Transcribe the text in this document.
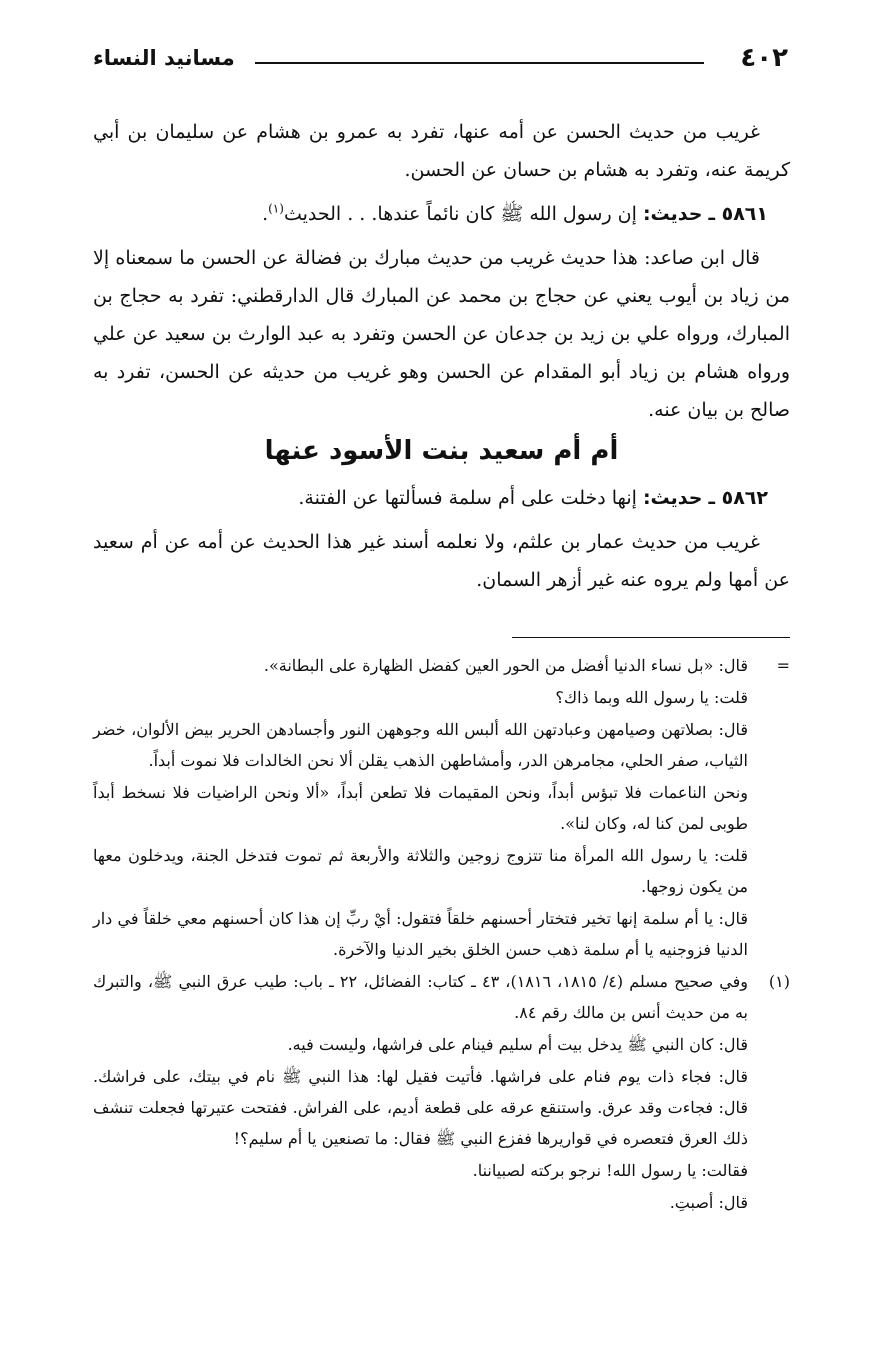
٤٠٢
مسانيد النساء

غريب من حديث الحسن عن أمه عنها، تفرد به عمرو بن هشام عن سليمان بن أبي كريمة عنه، وتفرد به هشام بن حسان عن الحسن.

٥٨٦١ ـ حديث: إن رسول الله ﷺ كان نائماً عندها. . . الحديث$^{(١)}$.

قال ابن صاعد: هذا حديث غريب من حديث مبارك بن فضالة عن الحسن ما سمعناه إلا من زياد بن أيوب يعني عن حجاج بن محمد عن المبارك قال الدارقطني: تفرد به حجاج بن المبارك، ورواه علي بن زيد بن جدعان عن الحسن وتفرد به عبد الوارث بن سعيد عن علي ورواه هشام بن زياد أبو المقدام عن الحسن وهو غريب من حديثه عن الحسن، تفرد به صالح بن بيان عنه.

أم أم سعيد بنت الأسود عنها

٥٨٦٢ ـ حديث: إنها دخلت على أم سلمة فسألتها عن الفتنة.

غريب من حديث عمار بن علثم، ولا نعلمه أسند غير هذا الحديث عن أمه عن أم سعيد عن أمها ولم يروه عنه غير أزهر السمان.

=

قال: «بل نساء الدنيا أفضل من الحور العين كفضل الظهارة على البطانة».

قلت: يا رسول الله وبما ذاك؟

قال: بصلاتهن وصيامهن وعبادتهن الله ألبس الله وجوههن النور وأجسادهن الحرير بيض الألوان، خضر الثياب، صفر الحلي، مجامرهن الدر، وأمشاطهن الذهب يقلن ألا نحن الخالدات فلا نموت أبداً.

ونحن الناعمات فلا تبؤس أبداً، ونحن المقيمات فلا تطعن أبداً، «ألا ونحن الراضيات فلا نسخط أبداً طوبى لمن كنا له، وكان لنا».

قلت: يا رسول الله المرأة منا تتزوج زوجين والثلاثة والأربعة ثم تموت فتدخل الجنة، ويدخلون معها من يكون زوجها.

قال: يا أم سلمة إنها تخير فتختار أحسنهم خلقاً فتقول: أيْ ربِّ إن هذا كان أحسنهم معي خلقاً في دار الدنيا فزوجنيه يا أم سلمة ذهب حسن الخلق بخير الدنيا والآخرة.

(١)

وفي صحيح مسلم (٤/ ١٨١٥، ١٨١٦)، ٤٣ ـ كتاب: الفضائل، ٢٢ ـ باب: طيب عرق النبي ﷺ، والتبرك به من حديث أنس بن مالك رقم ٨٤.

قال: كان النبي ﷺ يدخل بيت أم سليم فينام على فراشها، وليست فيه.

قال: فجاء ذات يوم فنام على فراشها. فأتيت فقيل لها: هذا النبي ﷺ نام في بيتك، على فراشك. قال: فجاءت وقد عرق. واستنقع عرقه على قطعة أديم، على الفراش. ففتحت عتيرتها فجعلت تنشف ذلك العرق فتعصره في قواريرها ففزع النبي ﷺ فقال: ما تصنعين يا أم سليم؟!

فقالت: يا رسول الله! نرجو بركته لصبياننا.

قال: أصبتِ.
